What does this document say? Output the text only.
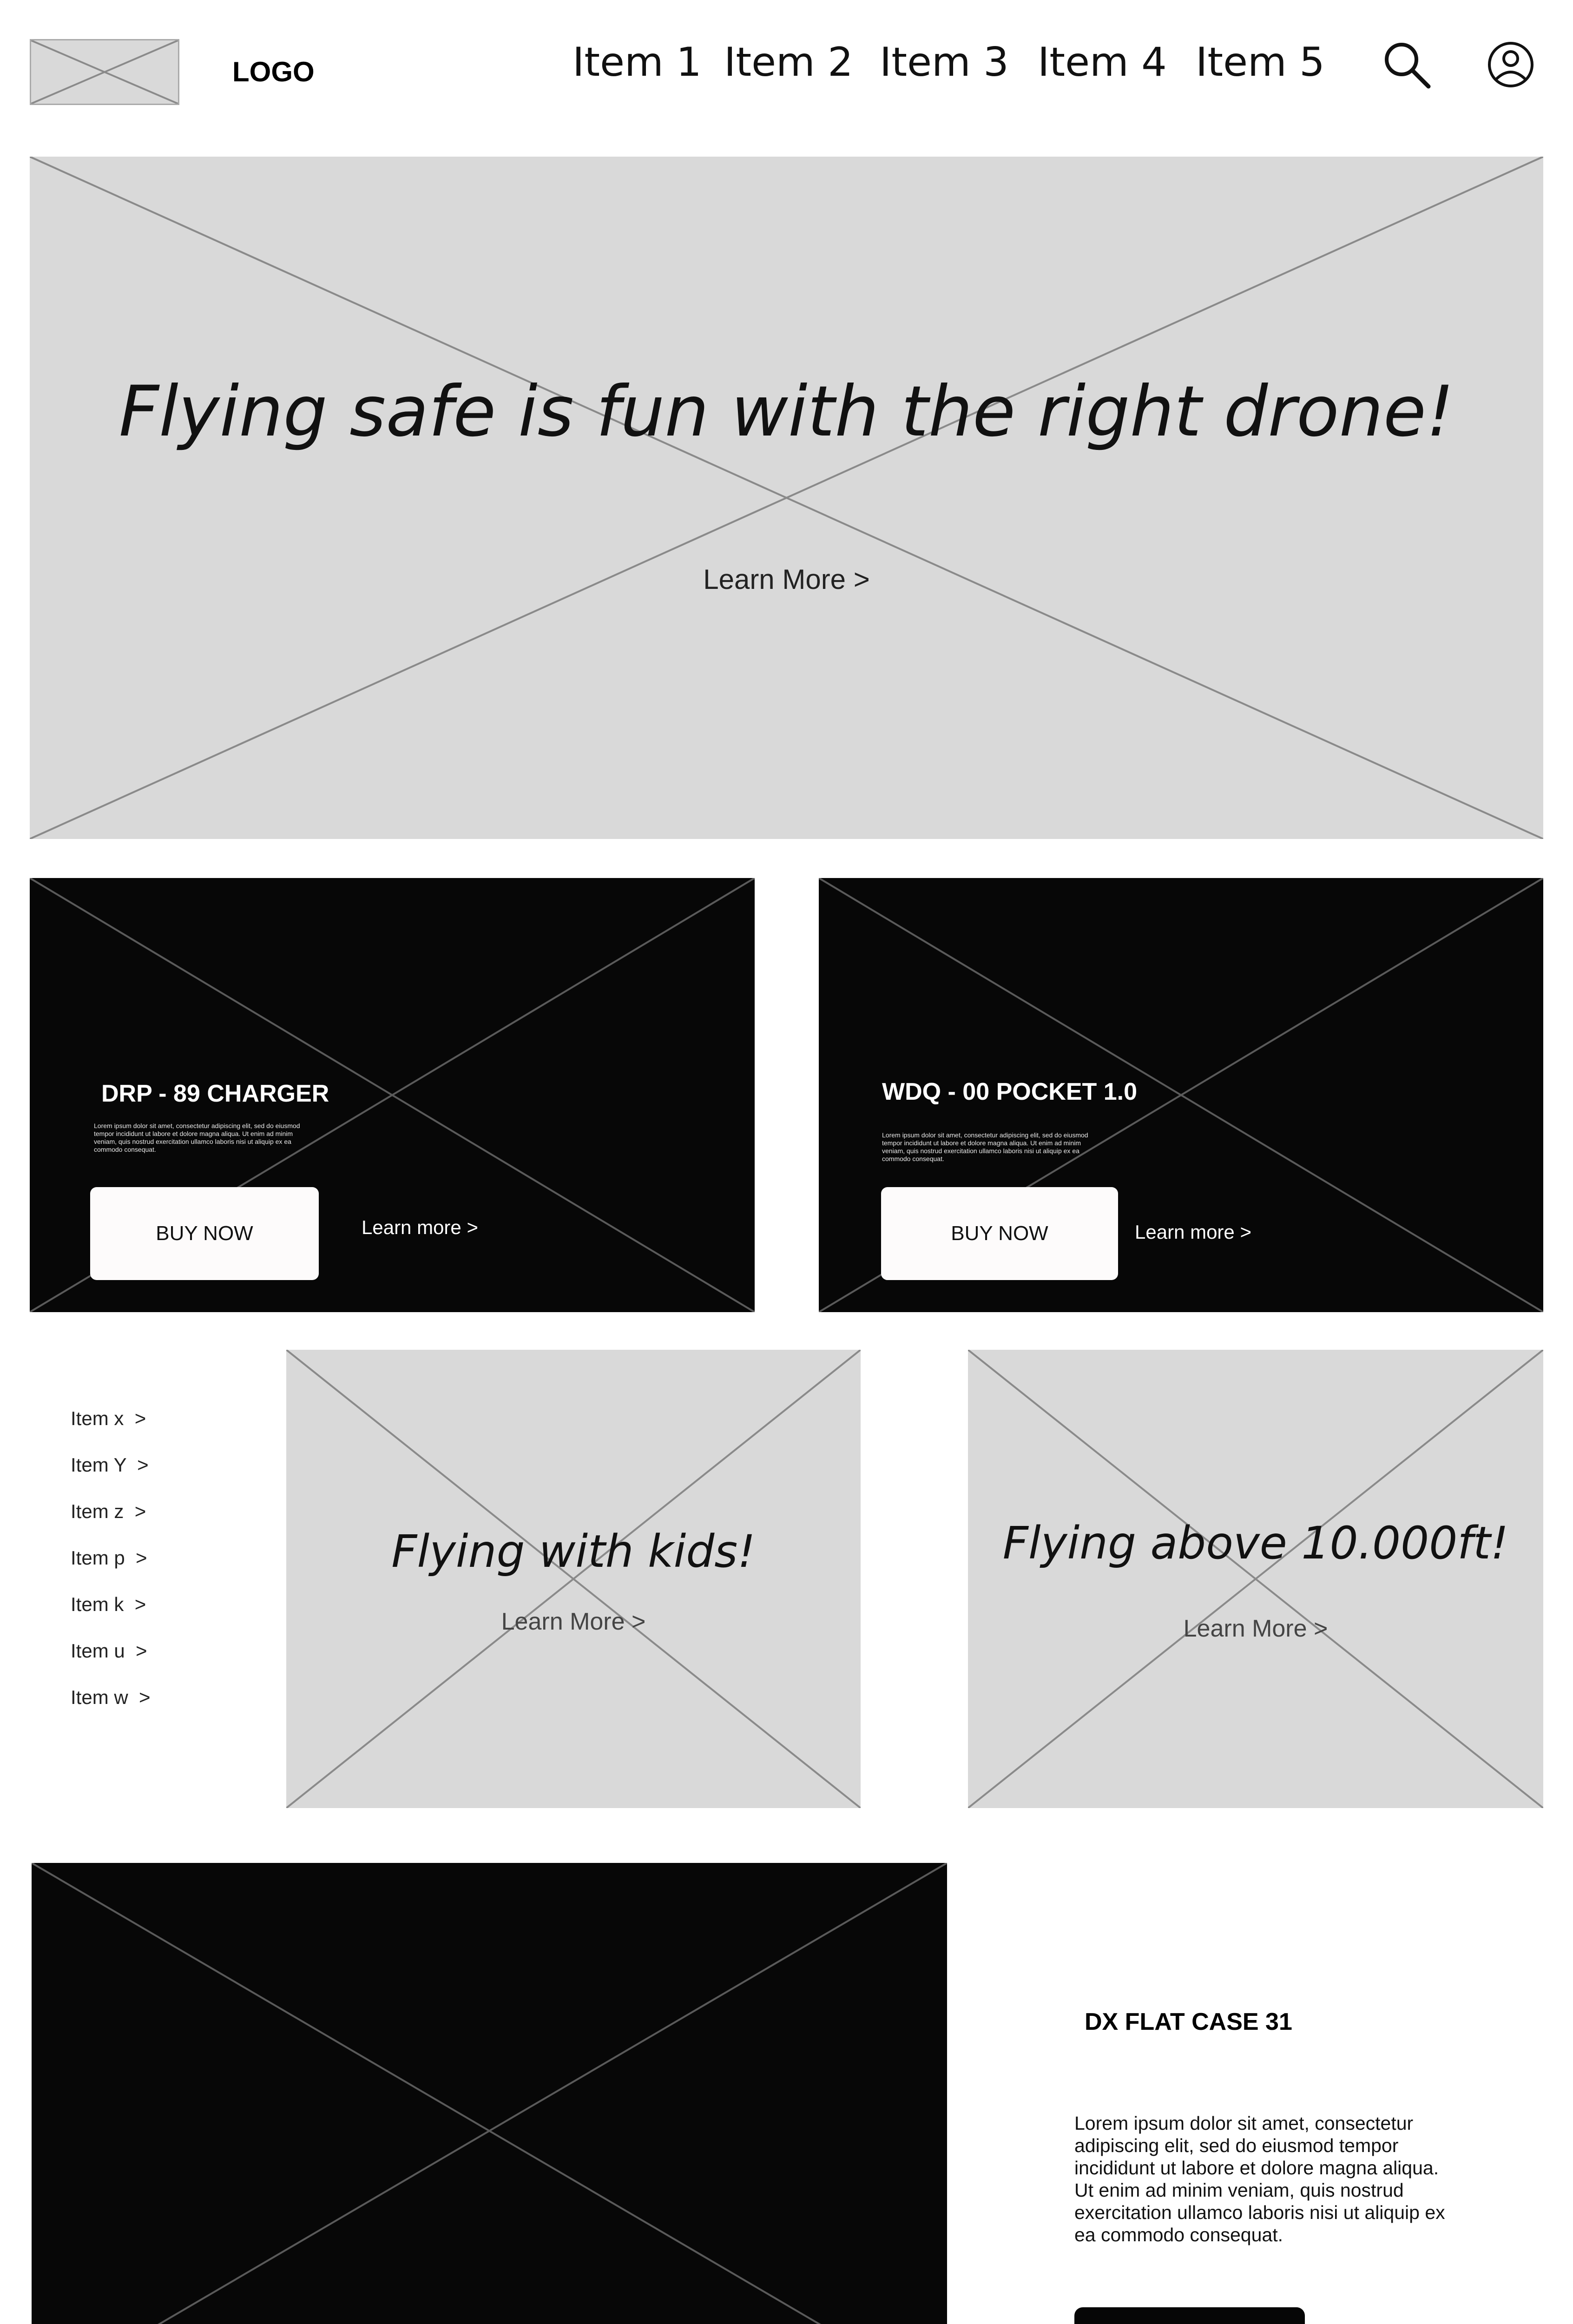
LOGO	Item 1 Item 2 Item 3 Item 4 Item 5
Flying safe is fun with the right drone!
Learn More >
DRP - 89 CHARGER
Lorem ipsum dolor sit amet, consectetur adipiscing elit, sed do eiusmod tempor incididunt ut labore et dolore magna aliqua. Ut enim ad minim veniam, quis nostrud exercitation ullamco laboris nisi ut aliquip ex ea commodo consequat.
BUY NOW	Learn more >
WDQ - 00 POCKET 1.0
Lorem ipsum dolor sit amet, consectetur adipiscing elit, sed do eiusmod tempor incididunt ut labore et dolore magna aliqua. Ut enim ad minim veniam, quis nostrud exercitation ullamco laboris nisi ut aliquip ex ea commodo consequat.
BUY NOW	Learn more >
Item x  >
Item Y  >
Item z  >
Item p  >
Item k  >
Item u  >
Item w  >
Flying with kids!
Learn More >
Flying above 10.000ft!
Learn More >
DX FLAT CASE 31
Lorem ipsum dolor sit amet, consectetur adipiscing elit, sed do eiusmod tempor incididunt ut labore et dolore magna aliqua. Ut enim ad minim veniam, quis nostrud exercitation ullamco laboris nisi ut aliquip ex ea commodo consequat.
